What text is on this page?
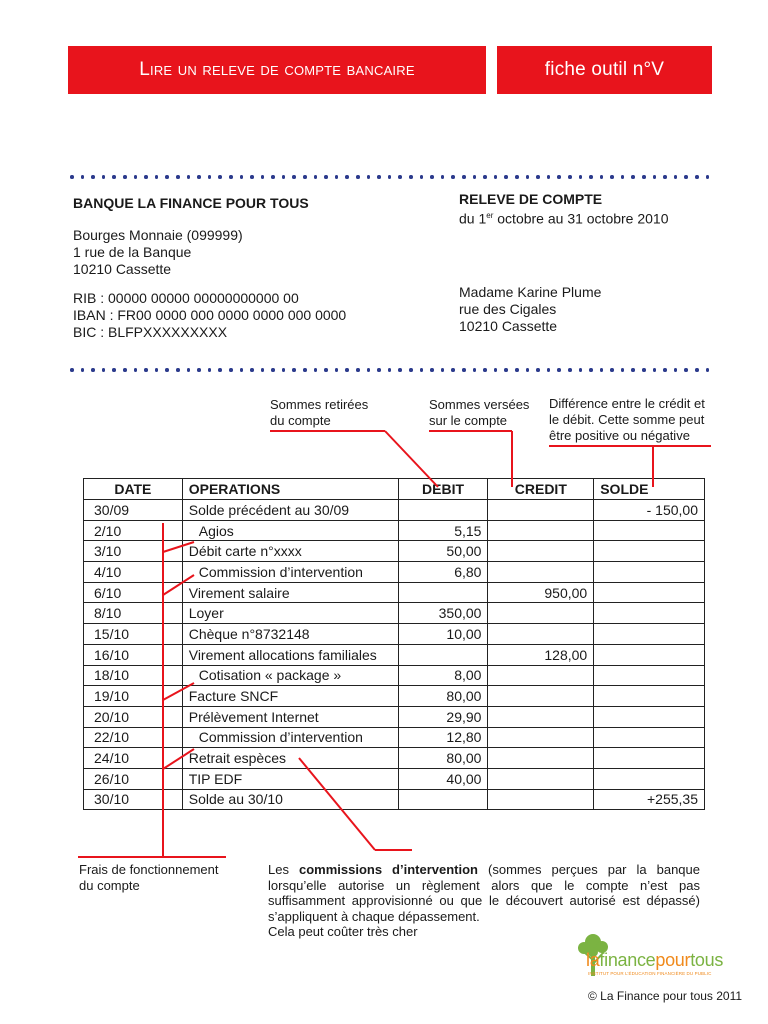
Lire un releve de compte bancaire	fiche outil n°V
BANQUE LA FINANCE POUR TOUS
Bourges Monnaie (099999)
1 rue de la Banque
10210 Cassette
RIB : 00000 00000 00000000000 00
IBAN : FR00 0000 000 0000 0000 000 0000
BIC : BLFPXXXXXXXXX
RELEVE DE COMPTE
du 1er octobre au 31 octobre 2010
Madame Karine Plume
rue des Cigales
10210 Cassette
Sommes retirées
du compte
Sommes versées
sur le compte
Différence entre le crédit et
le débit. Cette somme peut
être positive ou négative
DATE	OPERATIONS	DEBIT	CREDIT	SOLDE
30/09	Solde précédent au 30/09			- 150,00
2/10	Agios	5,15		
3/10	Débit carte n°xxxx	50,00		
4/10	Commission d’intervention	6,80		
6/10	Virement salaire		950,00	
8/10	Loyer	350,00		
15/10	Chèque n°8732148	10,00		
16/10	Virement allocations familiales		128,00	
18/10	Cotisation « package »	8,00		
19/10	Facture SNCF	80,00		
20/10	Prélèvement Internet	29,90		
22/10	Commission d’intervention	12,80		
24/10	Retrait espèces	80,00		
26/10	TIP EDF	40,00		
30/10	Solde au 30/10			+255,35
Frais de fonctionnement
du compte
Les commissions d’intervention (sommes perçues par la banque lorsqu’elle autorise un règlement alors que le compte n’est pas suffisamment approvisionné ou que le découvert autorisé est dépassé) s’appliquent à chaque dépassement.
Cela peut coûter très cher
lafinancepourtous
INSTITUT POUR L’ÉDUCATION FINANCIÈRE DU PUBLIC
© La Finance pour tous 2011
